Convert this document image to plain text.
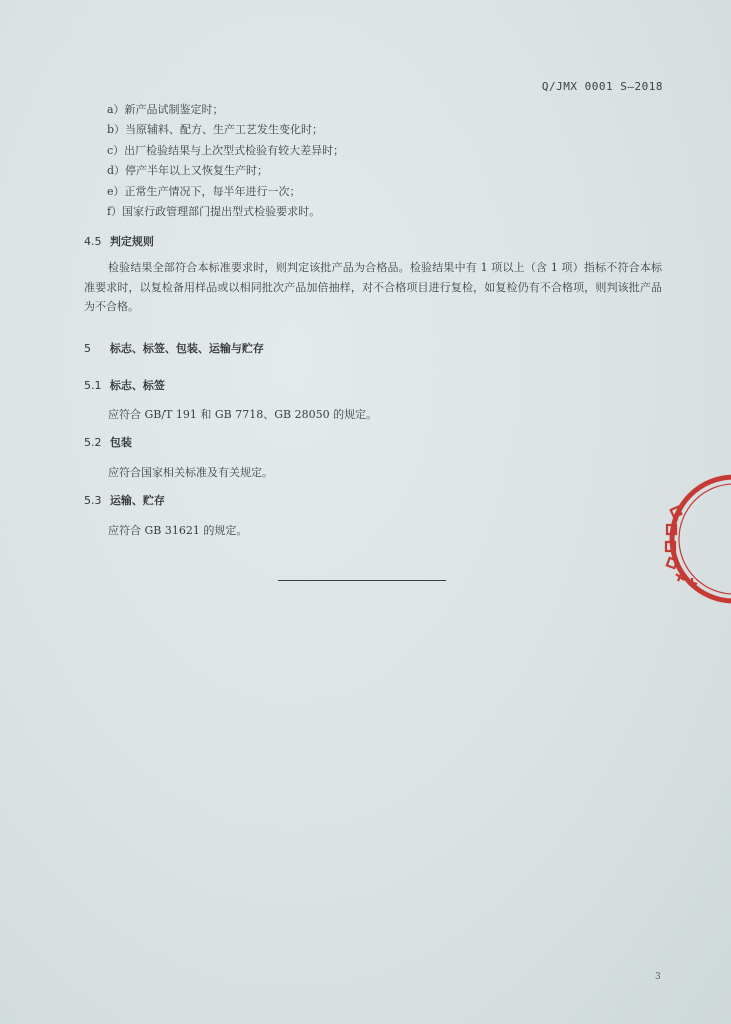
Q/JMX 0001 S—2018
a）新产品试制鉴定时；
b）当原辅料、配方、生产工艺发生变化时；
c）出厂检验结果与上次型式检验有较大差异时；
d）停产半年以上又恢复生产时；
e）正常生产情况下，每半年进行一次；
f）国家行政管理部门提出型式检验要求时。
4.5 判定规则
检验结果全部符合本标准要求时，则判定该批产品为合格品。检验结果中有 1 项以上（含 1 项）指标不符合本标准要求时，以复检备用样品或以相同批次产品加倍抽样，对不合格项目进行复检，如复检仍有不合格项，则判该批产品为不合格。
5 标志、标签、包装、运输与贮存
5.1 标志、标签
应符合 GB/T 191 和 GB 7718、GB 28050 的规定。
5.2 包装
应符合国家相关标准及有关规定。
5.3 运输、贮存
应符合 GB 31621 的规定。
3
